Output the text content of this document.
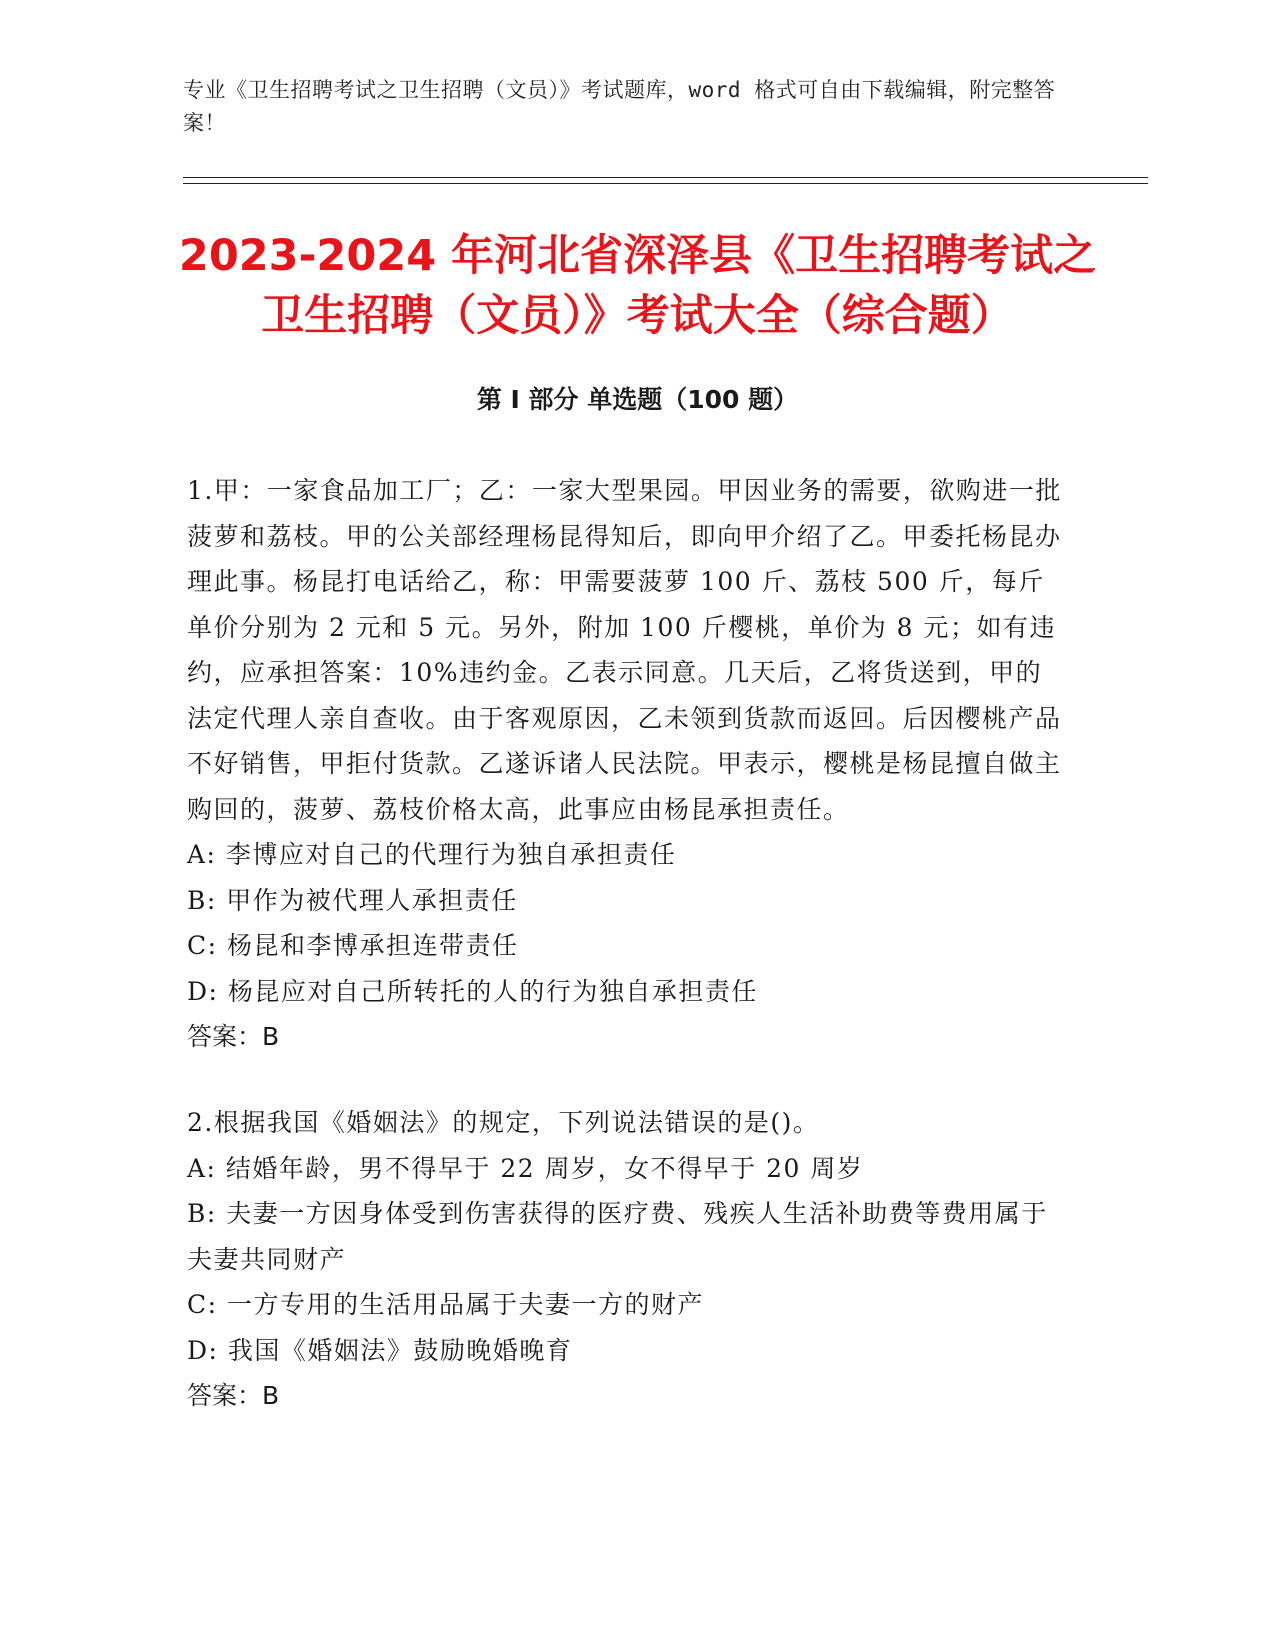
专业《卫生招聘考试之卫生招聘（文员）》考试题库，word 格式可自由下载编辑，附完整答案！
2023-2024 年河北省深泽县《卫生招聘考试之卫生招聘（文员）》考试大全（综合题）
第 I 部分 单选题（100 题）

1.甲：一家食品加工厂；乙：一家大型果园。甲因业务的需要，欲购进一批菠萝和荔枝。甲的公关部经理杨昆得知后，即向甲介绍了乙。甲委托杨昆办理此事。杨昆打电话给乙，称：甲需要菠萝 100 斤、荔枝 500 斤，每斤单价分别为 2 元和 5 元。另外，附加 100 斤樱桃，单价为 8 元；如有违约，应承担答案：10%违约金。乙表示同意。几天后，乙将货送到，甲的法定代理人亲自查收。由于客观原因，乙未领到货款而返回。后因樱桃产品不好销售，甲拒付货款。乙遂诉诸人民法院。甲表示，樱桃是杨昆擅自做主购回的，菠萝、荔枝价格太高，此事应由杨昆承担责任。

A: 李博应对自己的代理行为独自承担责任

B: 甲作为被代理人承担责任

C: 杨昆和李博承担连带责任

D: 杨昆应对自己所转托的人的行为独自承担责任

答案：B

2.根据我国《婚姻法》的规定，下列说法错误的是()。

A: 结婚年龄，男不得早于 22 周岁，女不得早于 20 周岁

B: 夫妻一方因身体受到伤害获得的医疗费、残疾人生活补助费等费用属于夫妻共同财产

C: 一方专用的生活用品属于夫妻一方的财产

D: 我国《婚姻法》鼓励晚婚晚育

答案：B
